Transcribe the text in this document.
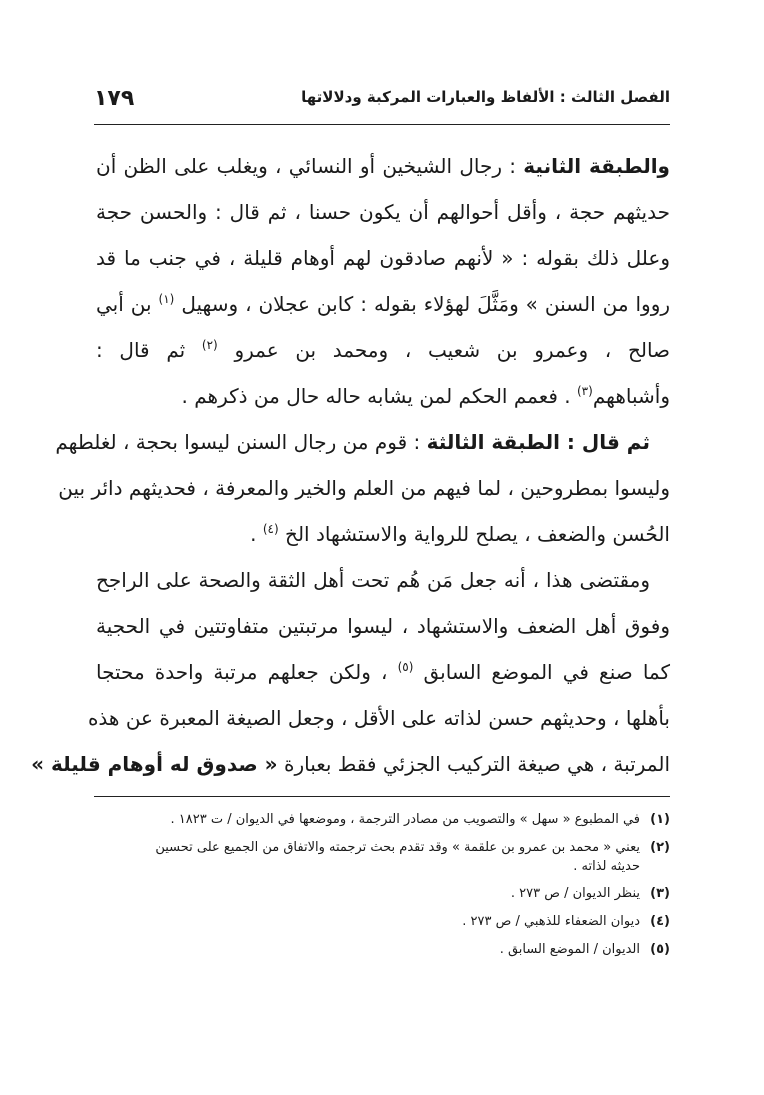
الفصل الثالث : الألفاظ والعبارات المركبة ودلالاتها
١٧٩
والطبقة الثانية : رجال الشيخين أو النسائي ، ويغلب على الظن أن
حديثهم حجة ، وأقل أحوالهم أن يكون حسنا ، ثم قال : والحسن حجة
وعلل ذلك بقوله : « لأنهم صادقون لهم أوهام قليلة ، في جنب ما قد
رووا من السنن » ومَثَّلَ لهؤلاء بقوله : كابن عجلان ، وسهيل $^{(١)}$ بن أبي
صالح ، وعمرو بن شعيب ، ومحمد بن عمرو $^{(٢)}$ ثم قال :
وأشباههم$^{(٣)}$ . فعمم الحكم لمن يشابه حاله حال من ذكرهم .
ثم قال : الطبقة الثالثة : قوم من رجال السنن ليسوا بحجة ، لغلطهم
وليسوا بمطروحين ، لما فيهم من العلم والخير والمعرفة ، فحديثهم دائر بين
الحُسن والضعف ، يصلح للرواية والاستشهاد الخ $^{(٤)}$ .
ومقتضى هذا ، أنه جعل مَن هُم تحت أهل الثقة والصحة على الراجح
وفوق أهل الضعف والاستشهاد ، ليسوا مرتبتين متفاوتتين في الحجية
كما صنع في الموضع السابق $^{(٥)}$ ، ولكن جعلهم مرتبة واحدة محتجا
بأهلها ، وحديثهم حسن لذاته على الأقل ، وجعل الصيغة المعبرة عن هذه
المرتبة ، هي صيغة التركيب الجزئي فقط بعبارة « صدوق له أوهام قليلة »
(١)في المطبوع « سهل » والتصويب من مصادر الترجمة ، وموضعها في الديوان / ت ١٨٢٣ .
(٢)يعني « محمد بن عمرو بن علقمة » وقد تقدم بحث ترجمته والاتفاق من الجميع على تحسين
حديثه لذاته .
(٣)ينظر الديوان / ص ٢٧٣ .
(٤)ديوان الضعفاء للذهبي / ص ٢٧٣ .
(٥)الديوان / الموضع السابق .
